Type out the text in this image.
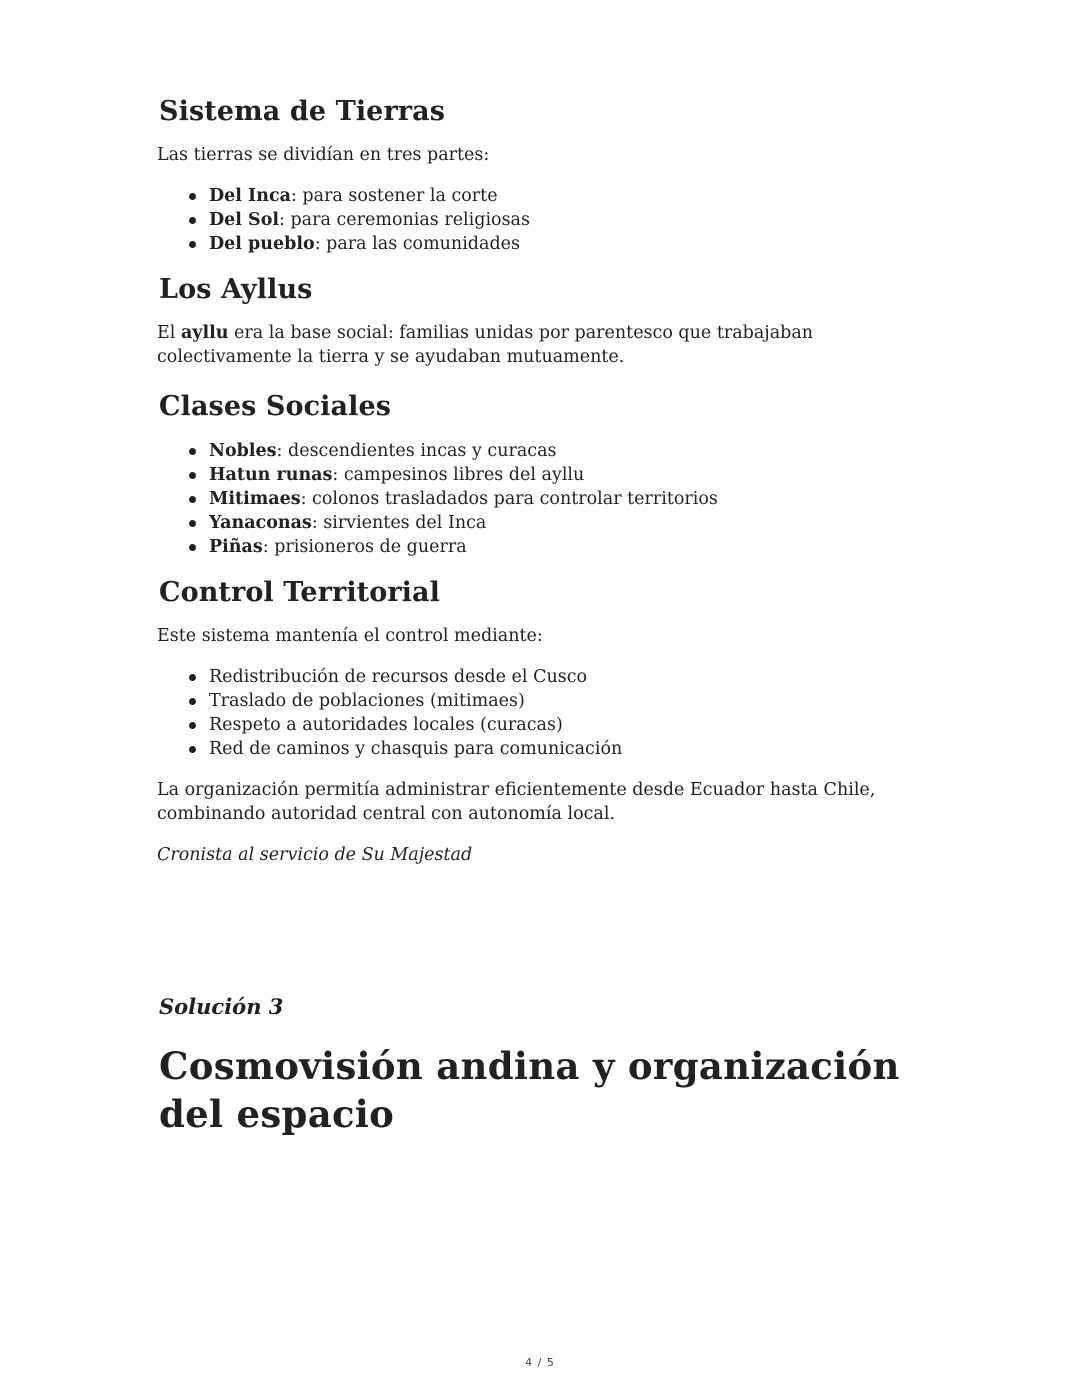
Sistema de Tierras

Las tierras se dividían en tres partes:

Del Inca: para sostener la corte
Del Sol: para ceremonias religiosas
Del pueblo: para las comunidades
Los Ayllus

El ayllu era la base social: familias unidas por parentesco que trabajaban colectivamente la tierra y se ayudaban mutuamente.

Clases Sociales
Nobles: descendientes incas y curacas
Hatun runas: campesinos libres del ayllu
Mitimaes: colonos trasladados para controlar territorios
Yanaconas: sirvientes del Inca
Piñas: prisioneros de guerra
Control Territorial

Este sistema mantenía el control mediante:

Redistribución de recursos desde el Cusco
Traslado de poblaciones (mitimaes)
Respeto a autoridades locales (curacas)
Red de caminos y chasquis para comunicación

La organización permitía administrar eficientemente desde Ecuador hasta Chile, combinando autoridad central con autonomía local.

Cronista al servicio de Su Majestad

Solución 3

Cosmovisión andina y organización del espacio
4 / 5
